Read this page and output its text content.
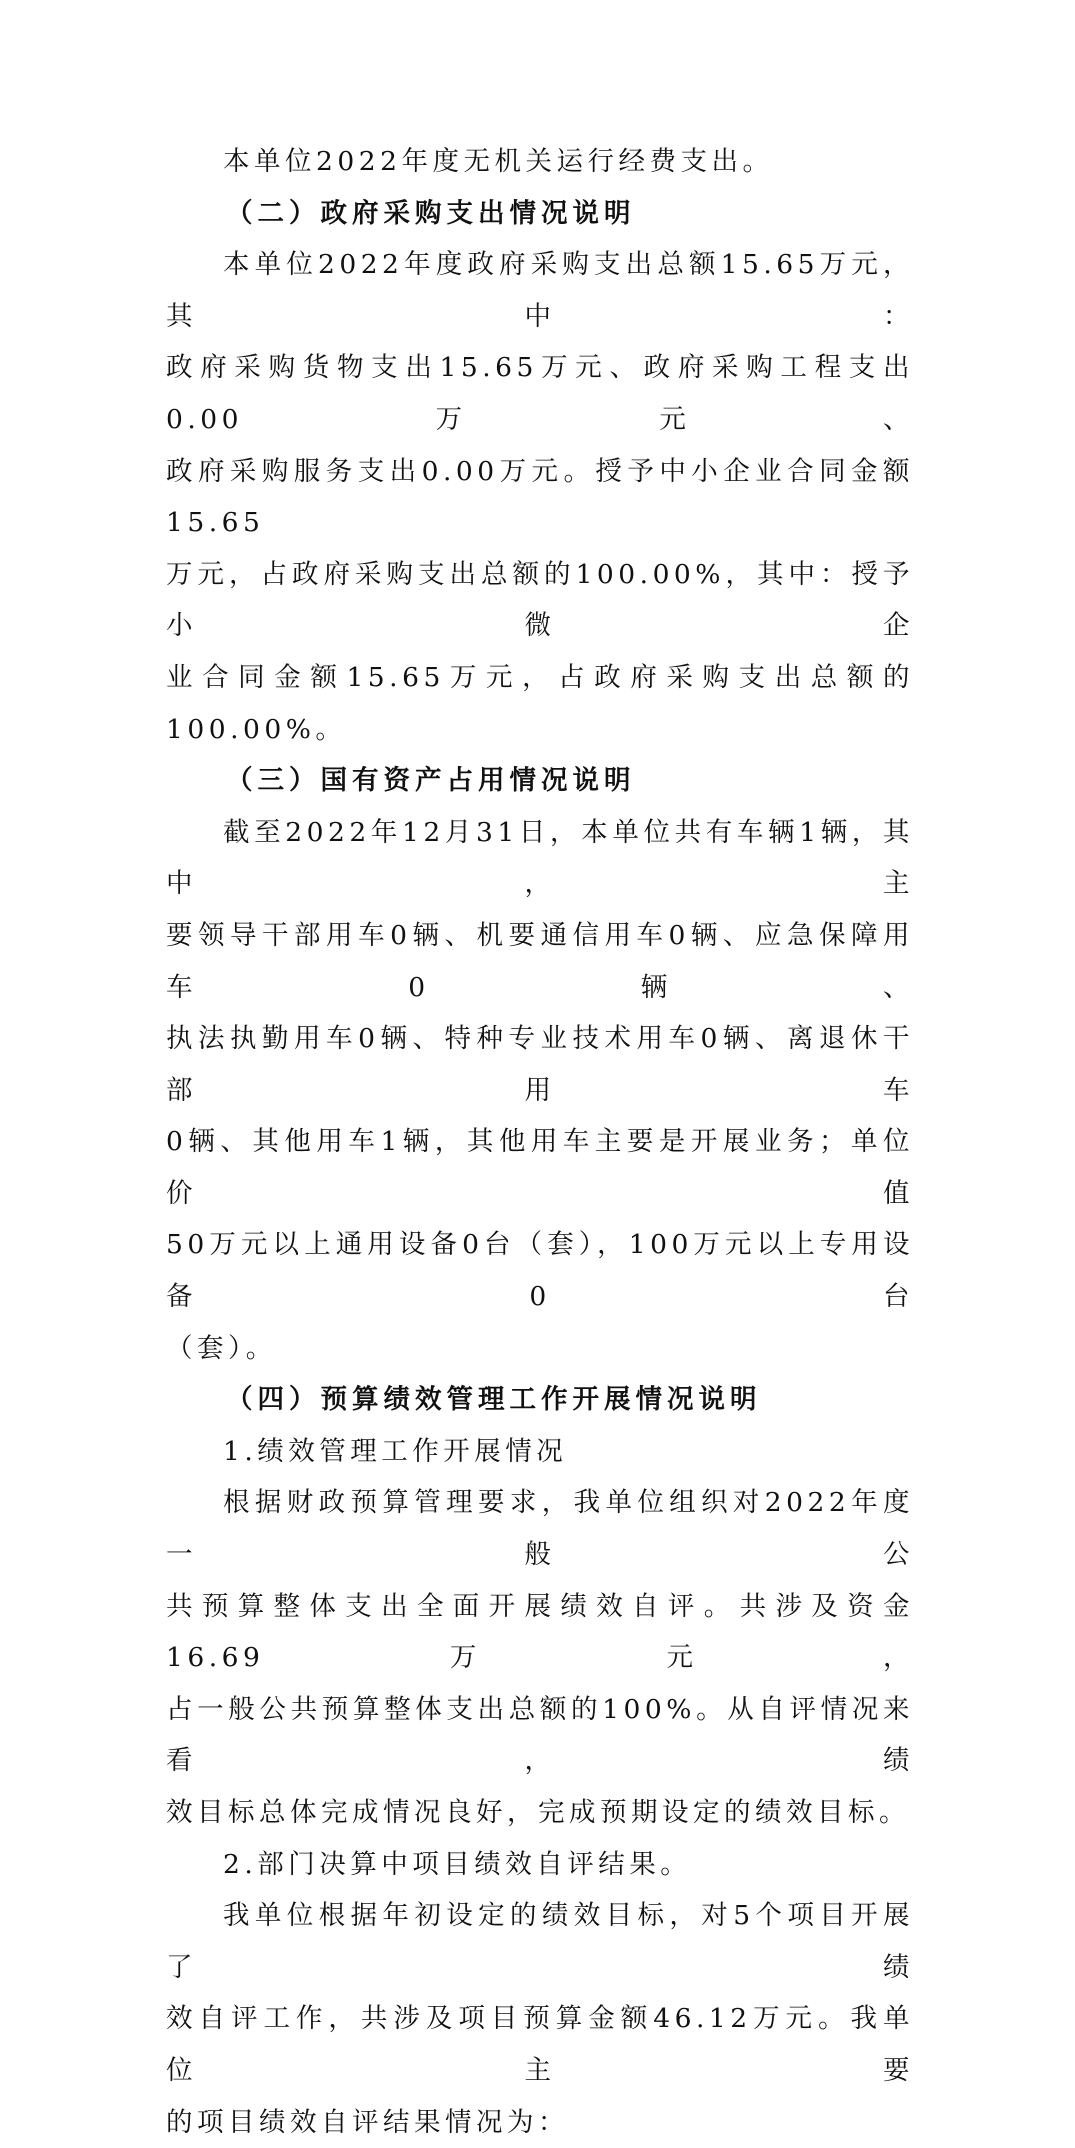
本单位2022年度无机关运行经费支出。

（二）政府采购支出情况说明

本单位2022年度政府采购支出总额15.65万元，其中：
政府采购货物支出15.65万元、政府采购工程支出0.00万元、
政府采购服务支出0.00万元。授予中小企业合同金额15.65
万元，占政府采购支出总额的100.00%，其中：授予小微企
业合同金额15.65万元，占政府采购支出总额的100.00%。

（三）国有资产占用情况说明

截至2022年12月31日，本单位共有车辆1辆，其中，主
要领导干部用车0辆、机要通信用车0辆、应急保障用车0辆、
执法执勤用车0辆、特种专业技术用车0辆、离退休干部用车
0辆、其他用车1辆，其他用车主要是开展业务；单位价值
50万元以上通用设备0台（套），100万元以上专用设备0台
（套）。

（四）预算绩效管理工作开展情况说明

1.绩效管理工作开展情况

根据财政预算管理要求，我单位组织对2022年度一般公
共预算整体支出全面开展绩效自评。共涉及资金16.69万元，
占一般公共预算整体支出总额的100%。从自评情况来看，绩
效目标总体完成情况良好，完成预期设定的绩效目标。

2.部门决算中项目绩效自评结果。

我单位根据年初设定的绩效目标，对5个项目开展了绩
效自评工作，共涉及项目预算金额46.12万元。我单位主要
的项目绩效自评结果情况为：
